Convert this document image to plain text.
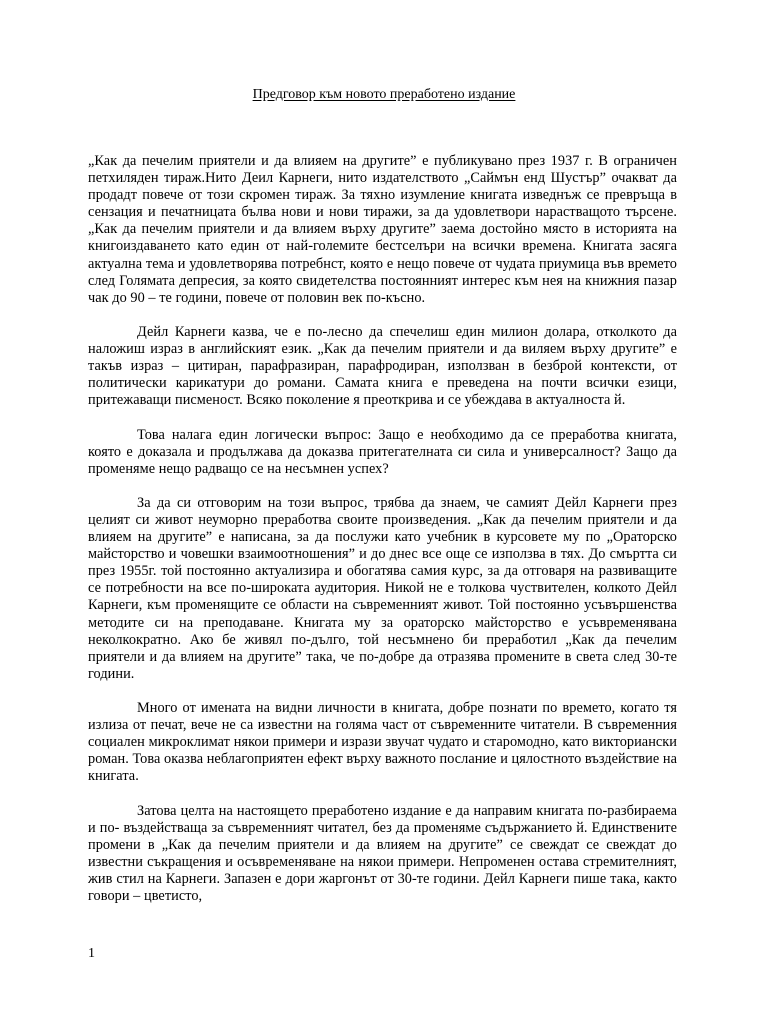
Предговор към новото преработено издание

„Как да печелим приятели и да влияем на другите” е публикувано през 1937 г. В ограничен петхиляден тираж.Нито Деил Карнеги, нито издателството „Саймън енд Шустър” очакват да продадт повече от този скромен тираж. За тяхно изумление книгата изведнъж се превръща в сензация и печатницата бълва нови и нови тиражи, за да удовлетвори нарастващото търсене. „Как да печелим приятели и да влияем върху другите” заема достойно място в историята на книгоиздаването като един от най-големите бестселъри на всички времена. Книгата засяга актуална тема и удовлетворява потребнст, която е нещо повече от чудата приумица във времето след Голямата депресия, за която свидетелства постоянният интерес към нея на книжния пазар чак до 90 – те години, повече от половин век по-късно.

Дейл Карнеги казва, че е по-лесно да спечелиш един милион долара, отколкото да наложиш израз в английският език. „Как да печелим приятели и да виляем върху другите” е такъв израз – цитиран, парафразиран, парафродиран, използван в безброй контексти, от политически карикатури до романи. Самата книга е преведена на почти всички езици, притежаващи писменост. Всяко поколение я преоткрива и се убеждава в актуалноста й.

Това налага един логически въпрос: Защо е необходимо да се преработва книгата, която е доказала и продължава да доказва притегателната си сила и универсалност? Защо да променяме нещо радващо се на несъмнен успех?

За да си отговорим на този въпрос, трябва да знаем, че самият Дейл Карнеги през целият си живот неуморно преработва своите произведения. „Как да печелим приятели и да влияем на другите” е написана, за да послужи като учебник в курсовете му по „Ораторско майсторство и човешки взаимоотношения” и до днес все още се използва в тях. До смъртта си през 1955г. той постоянно актуализира и обогатява самия курс, за да отговаря на развиващите се потребности на все по-широката аудитория. Никой не е толкова чуствителен, колкото Дейл Карнеги, към променящите се области на съвременният живот. Той постоянно усъвършенства методите си на преподаване. Книгата му за ораторско майсторство е усъвременявана неколкократно. Ако бе живял по-дълго, той несъмнено би преработил „Как да печелим приятели и да влияем на другите” така, че по-добре да отразява промените в света след 30-те години.

Много от имената на видни личности в книгата, добре познати по времето, когато тя излиза от печат, вече не са известни на голяма част от съвременните читатели. В съвременния социален микроклимат някои примери и изрази звучат чудато и старомодно, като викториански роман. Това оказва неблагоприятен ефект върху важното послание и цялостното въздействие на книгата.

Затова целта на настоящето преработено издание е да направим книгата по-разбираема и по- въздействаща за съвременният читател, без да променяме съдържанието й. Единствените промени в „Как да печелим приятели и да влияем на другите” се свеждат се свеждат до известни съкращения и осъвременяване на някои примери. Непроменен остава стремителният, жив стил на Карнеги. Запазен е дори жаргонът от 30-те години. Дейл Карнеги пише така, както говори – цветисто,

1
